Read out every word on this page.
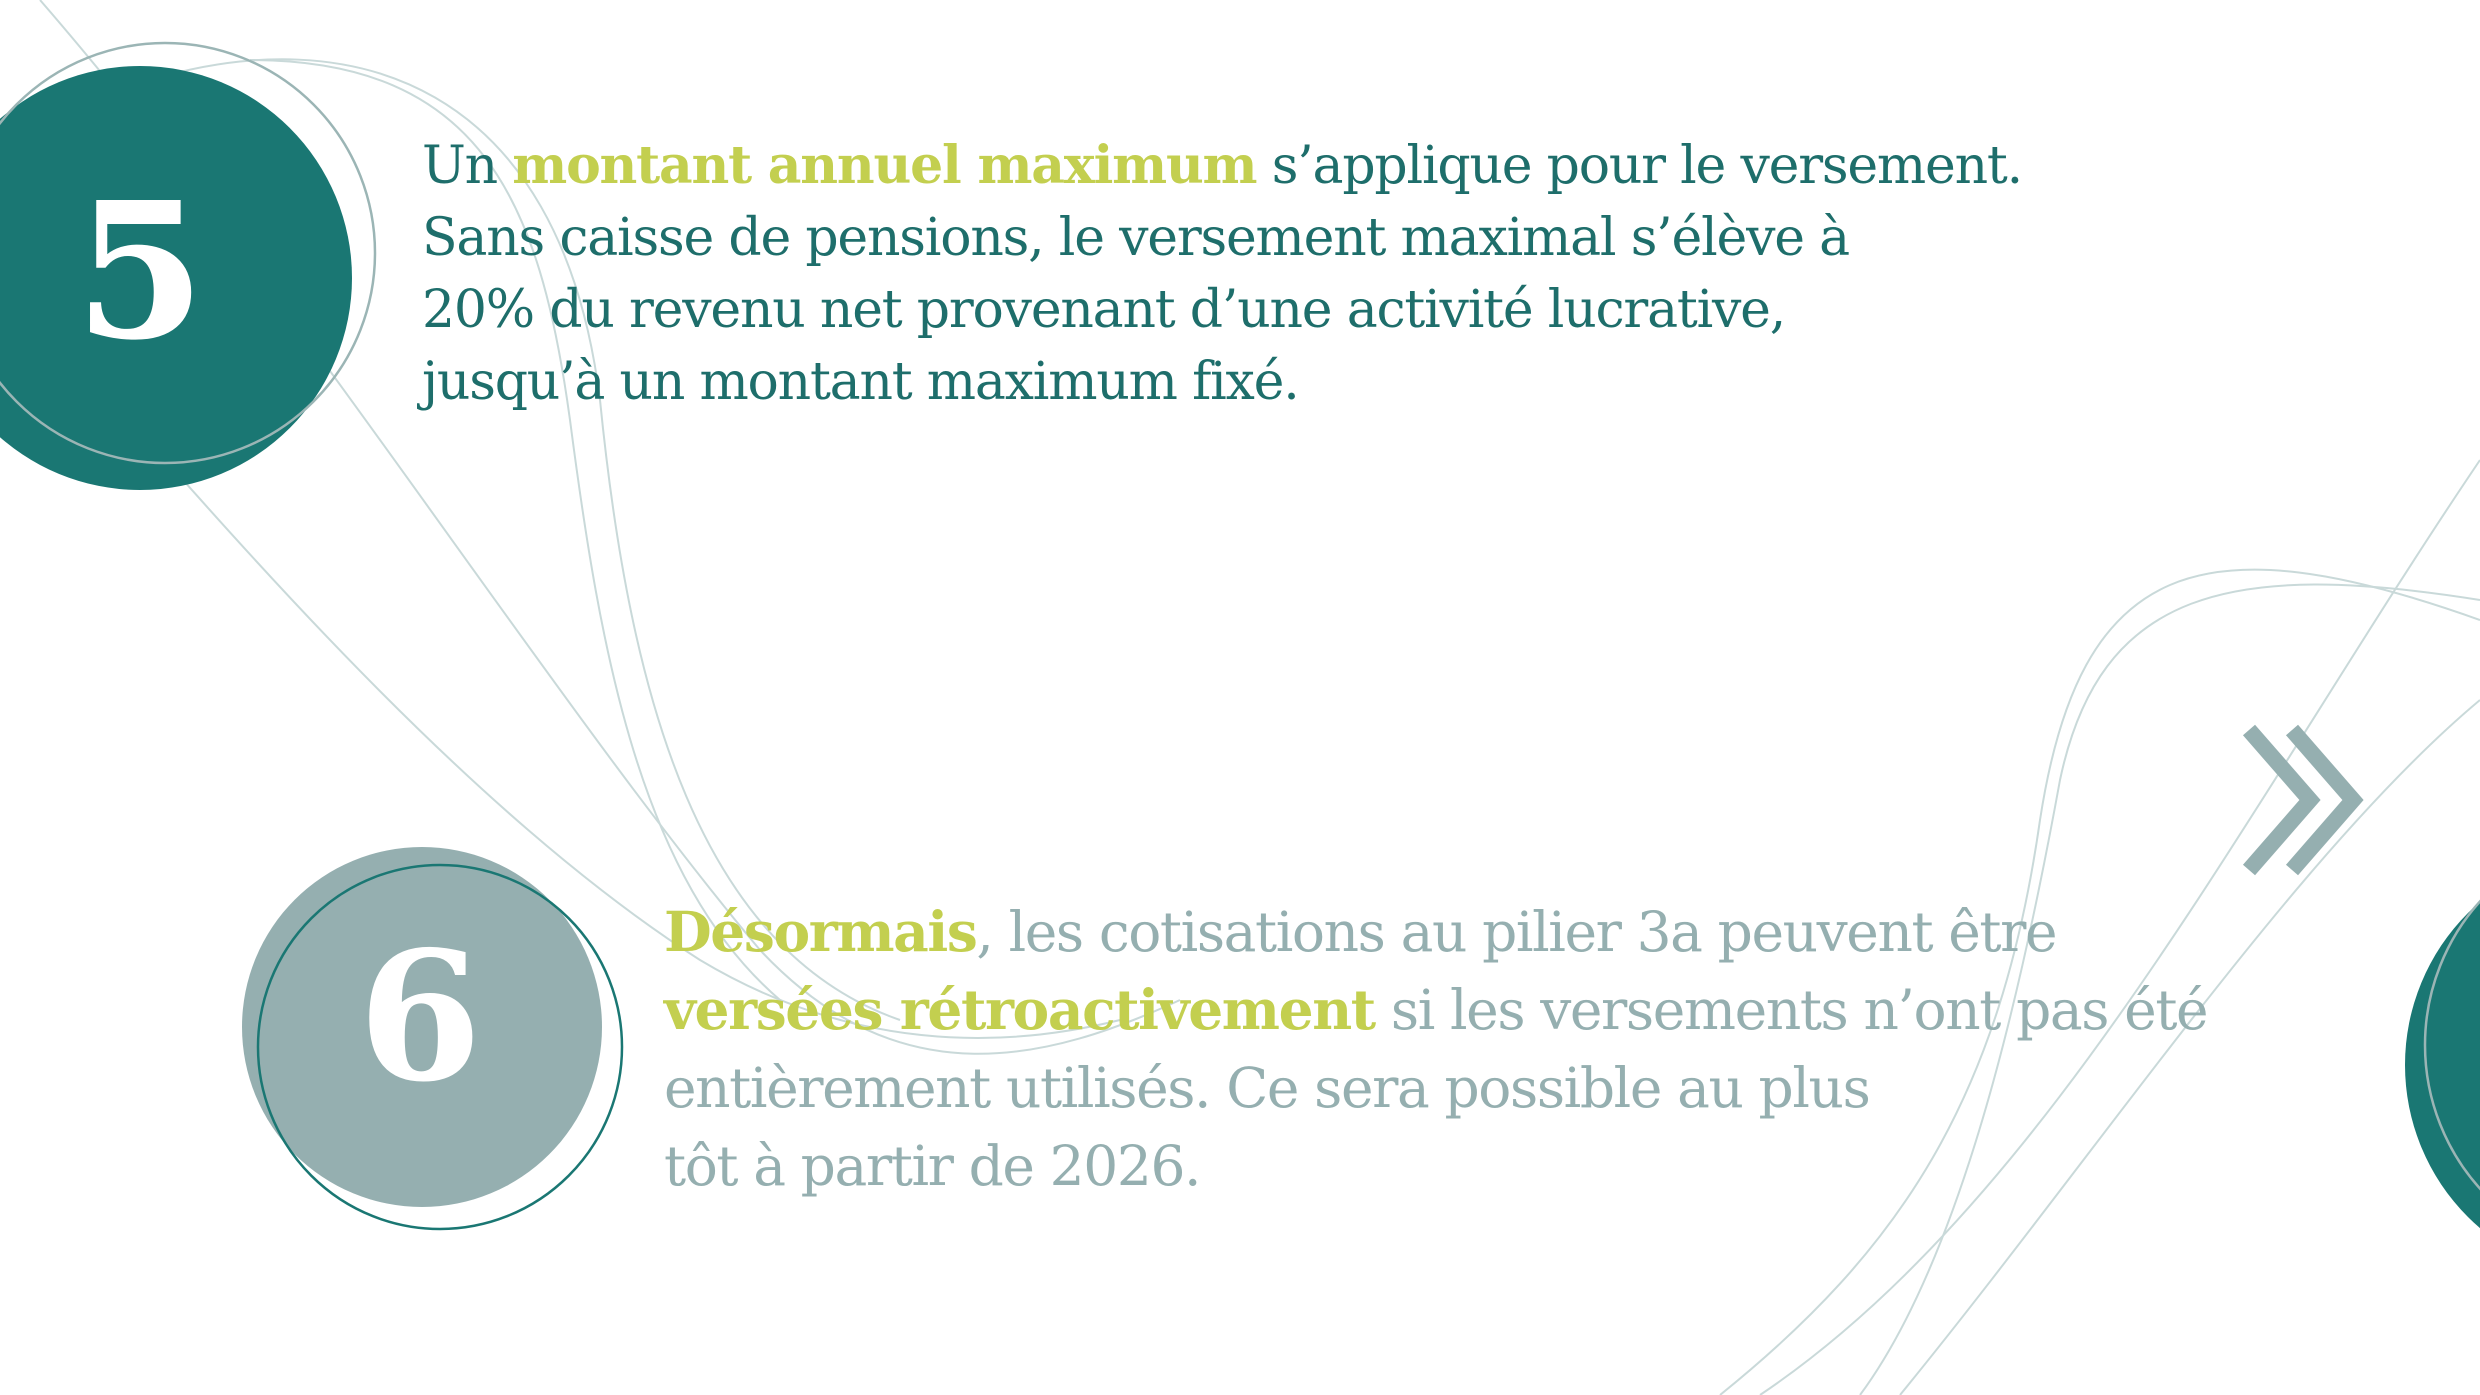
5
6

Un montant annuel maximum s’applique pour le versement.
Sans caisse de pensions, le versement maximal s’élève à
20% du revenu net provenant d’une activité lucrative,
jusqu’à un montant maximum fixé.

Désormais, les cotisations au pilier 3a peuvent être
versées rétroactivement si les versements n’ont pas été
entièrement utilisés. Ce sera possible au plus
tôt à partir de 2026.
